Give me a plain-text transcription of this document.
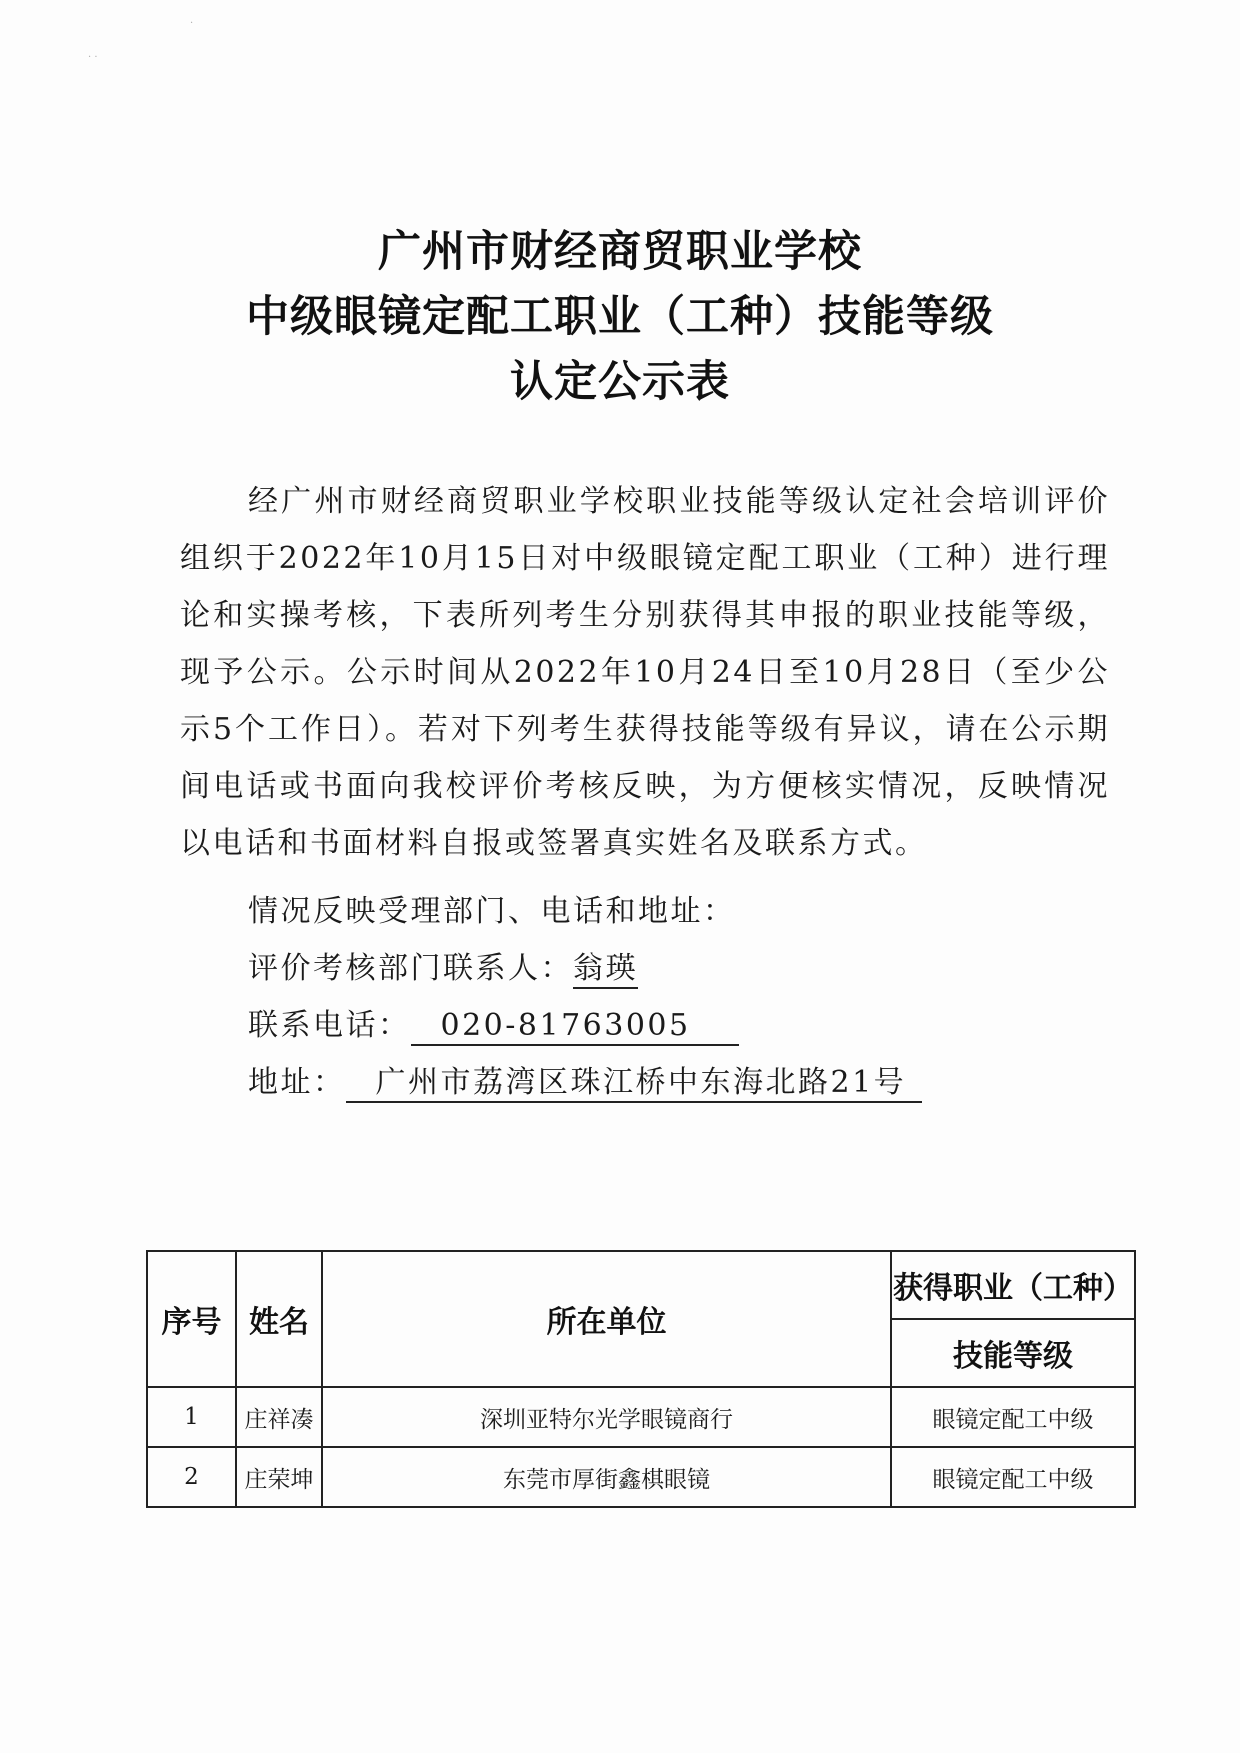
广州市财经商贸职业学校
中级眼镜定配工职业（工种）技能等级
认定公示表
经广州市财经商贸职业学校职业技能等级认定社会培训评价组织于2022年10月15日对中级眼镜定配工职业（工种）进行理论和实操考核，下表所列考生分别获得其申报的职业技能等级，现予公示。公示时间从2022年10月24日至10月28日（至少公示5个工作日）。若对下列考生获得技能等级有异议，请在公示期间电话或书面向我校评价考核反映，为方便核实情况，反映情况以电话和书面材料自报或签署真实姓名及联系方式。
情况反映受理部门、电话和地址：
评价考核部门联系人：翁瑛
联系电话： 020-81763005
地址： 广州市荔湾区珠江桥中东海北路21号
序号	姓名	所在单位	获得职业（工种）
			技能等级
1	庄祥凑	深圳亚特尔光学眼镜商行	眼镜定配工中级
2	庄荣坤	东莞市厚街鑫棋眼镜	眼镜定配工中级
· ·
·
